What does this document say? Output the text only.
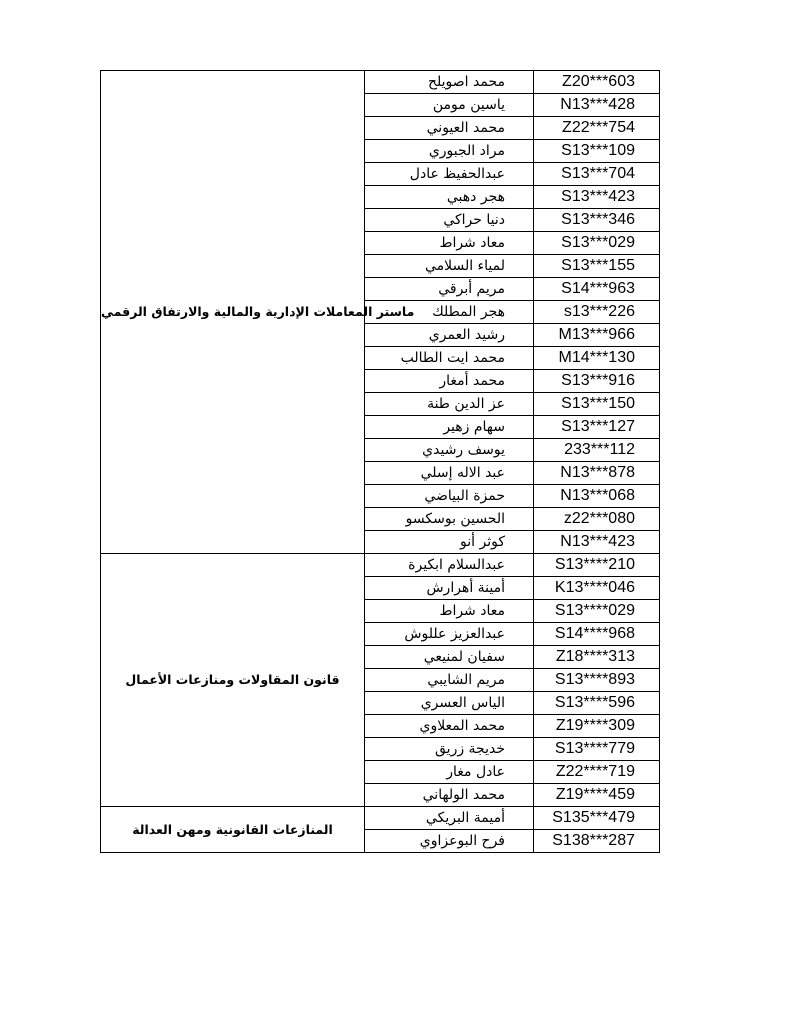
ماستر المعاملات الإدارية والمالية والارتفاق الرقمي	محمد اصويلح	Z20***603
	ياسين مومن	N13***428
	محمد العيوني	Z22***754
	مراد الجبوري	S13***109
	عبدالحفيظ عادل	S13***704
	هجر دهبي	S13***423
	دنيا حراكي	S13***346
	معاد شراط	S13***029
	لمياء السلامي	S13***155
	مريم أبرقي	S14***963
	هجر المطلك	s13***226
	رشيد العمري	M13***966
	محمد ايت الطالب	M14***130
	محمد أمغار	S13***916
	عز الدين طنة	S13***150
	سهام زهير	S13***127
	يوسف رشيدي	233***112
	عبد الاله إسلي	N13***878
	حمزة البياضي	N13***068
	الحسين بوسكسو	z22***080
	كوثر أنو	N13***423
قانون المقاولات ومنازعات الأعمال	عبدالسلام ابكيرة	S13****210
	أمينة أهرارش	K13****046
	معاد شراط	S13****029
	عبدالعزيز عللوش	S14****968
	سفيان لمنيعي	Z18****313
	مريم الشايبي	S13****893
	الياس العسري	S13****596
	محمد المعلاوي	Z19****309
	خديجة زريق	S13****779
	عادل مغار	Z22****719
	محمد الولهاني	Z19****459
المنازعات القانونية ومهن العدالة	أميمة البريكي	S135***479
	فرح البوعزاوي	S138***287
